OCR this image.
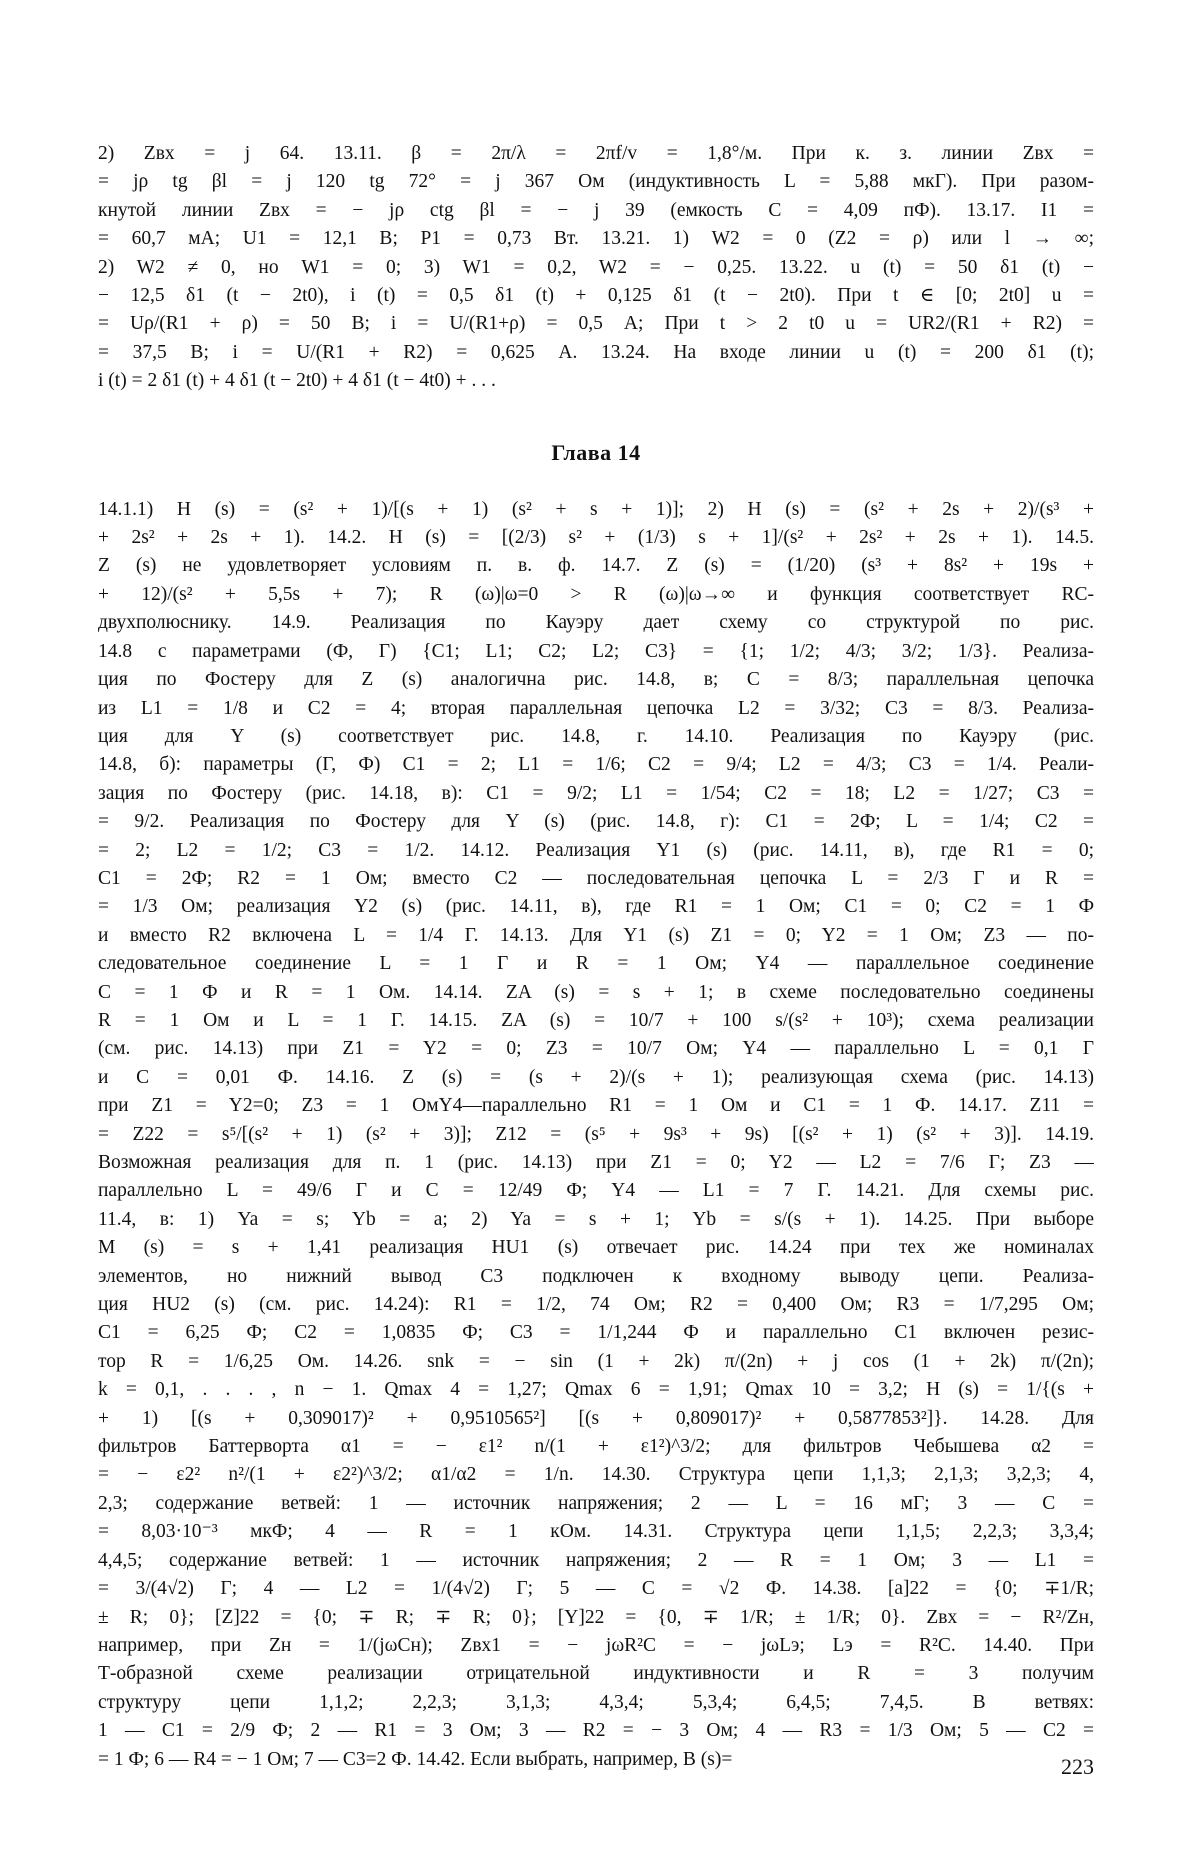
2) Zвх = j 64. 13.11. β = 2π/λ = 2πf/v = 1,8°/м. При к. з. линии Zвх =

= jρ tg βl = j 120 tg 72° = j 367 Ом (индуктивность L = 5,88 мкГ). При разом-

кнутой линии Zвх = − jρ ctg βl = − j 39 (емкость C = 4,09 пФ). 13.17. I1 =

= 60,7 мА; U1 = 12,1 В; P1 = 0,73 Вт. 13.21. 1) W2 = 0 (Z2 = ρ) или l → ∞;

2) W2 ≠ 0, но W1 = 0; 3) W1 = 0,2, W2 = − 0,25. 13.22. u (t) = 50 δ1 (t) −

− 12,5 δ1 (t − 2t0), i (t) = 0,5 δ1 (t) + 0,125 δ1 (t − 2t0). При t ∈ [0; 2t0] u =

= Uρ/(R1 + ρ) = 50 В; i = U/(R1+ρ) = 0,5 А; При t > 2 t0 u = UR2/(R1 + R2) =

= 37,5 В; i = U/(R1 + R2) = 0,625 А. 13.24. На входе линии u (t) = 200 δ1 (t);

i (t) = 2 δ1 (t) + 4 δ1 (t − 2t0) + 4 δ1 (t − 4t0) + . . .

Глава 14

14.1.1) H (s) = (s² + 1)/[(s + 1) (s² + s + 1)]; 2) H (s) = (s² + 2s + 2)/(s³ +

+ 2s² + 2s + 1). 14.2. H (s) = [(2/3) s² + (1/3) s + 1]/(s² + 2s² + 2s + 1). 14.5.

Z (s) не удовлетворяет условиям п. в. ф. 14.7. Z (s) = (1/20) (s³ + 8s² + 19s +

+ 12)/(s² + 5,5s + 7); R (ω)|ω=0 > R (ω)|ω→∞ и функция соответствует RC-

двухполюснику. 14.9. Реализация по Кауэру дает схему со структурой по рис.

14.8 с параметрами (Ф, Г) {C1; L1; C2; L2; C3} = {1; 1/2; 4/3; 3/2; 1/3}. Реализа-

ция по Фостеру для Z (s) аналогична рис. 14.8, в; C = 8/3; параллельная цепочка

из L1 = 1/8 и C2 = 4; вторая параллельная цепочка L2 = 3/32; C3 = 8/3. Реализа-

ция для Y (s) соответствует рис. 14.8, г. 14.10. Реализация по Кауэру (рис.

14.8, б): параметры (Г, Ф) C1 = 2; L1 = 1/6; C2 = 9/4; L2 = 4/3; C3 = 1/4. Реали-

зация по Фостеру (рис. 14.18, в): C1 = 9/2; L1 = 1/54; C2 = 18; L2 = 1/27; C3 =

= 9/2. Реализация по Фостеру для Y (s) (рис. 14.8, г): C1 = 2Ф; L = 1/4; C2 =

= 2; L2 = 1/2; C3 = 1/2. 14.12. Реализация Y1 (s) (рис. 14.11, в), где R1 = 0;

C1 = 2Ф; R2 = 1 Ом; вместо C2 — последовательная цепочка L = 2/3 Г и R =

= 1/3 Ом; реализация Y2 (s) (рис. 14.11, в), где R1 = 1 Ом; C1 = 0; C2 = 1 Ф

и вместо R2 включена L = 1/4 Г. 14.13. Для Y1 (s) Z1 = 0; Y2 = 1 Ом; Z3 — по-

следовательное соединение L = 1 Г и R = 1 Ом; Y4 — параллельное соединение

C = 1 Ф и R = 1 Ом. 14.14. ZA (s) = s + 1; в схеме последовательно соединены

R = 1 Ом и L = 1 Г. 14.15. ZA (s) = 10/7 + 100 s/(s² + 10³); схема реализации

(см. рис. 14.13) при Z1 = Y2 = 0; Z3 = 10/7 Ом; Y4 — параллельно L = 0,1 Г

и C = 0,01 Ф. 14.16. Z (s) = (s + 2)/(s + 1); реализующая схема (рис. 14.13)

при Z1 = Y2=0; Z3 = 1 ОмY4—параллельно R1 = 1 Ом и C1 = 1 Ф. 14.17. Z11 =

= Z22 = s⁵/[(s² + 1) (s² + 3)]; Z12 = (s⁵ + 9s³ + 9s) [(s² + 1) (s² + 3)]. 14.19.

Возможная реализация для п. 1 (рис. 14.13) при Z1 = 0; Y2 — L2 = 7/6 Г; Z3 —

параллельно L = 49/6 Г и C = 12/49 Ф; Y4 — L1 = 7 Г. 14.21. Для схемы рис.

11.4, в: 1) Ya = s; Yb = a; 2) Ya = s + 1; Yb = s/(s + 1). 14.25. При выборе

M (s) = s + 1,41 реализация HU1 (s) отвечает рис. 14.24 при тех же номиналах

элементов, но нижний вывод C3 подключен к входному выводу цепи. Реализа-

ция HU2 (s) (см. рис. 14.24): R1 = 1/2, 74 Ом; R2 = 0,400 Ом; R3 = 1/7,295 Ом;

C1 = 6,25 Ф; C2 = 1,0835 Ф; C3 = 1/1,244 Ф и параллельно C1 включен резис-

тор R = 1/6,25 Ом. 14.26. snk = − sin (1 + 2k) π/(2n) + j cos (1 + 2k) π/(2n);

k = 0,1, . . . , n − 1. Qmax 4 = 1,27; Qmax 6 = 1,91; Qmax 10 = 3,2; H (s) = 1/{(s +

+ 1) [(s + 0,309017)² + 0,9510565²] [(s + 0,809017)² + 0,5877853²]}. 14.28. Для

фильтров Баттерворта α1 = − ε1² n/(1 + ε1²)^3/2; для фильтров Чебышева α2 =

= − ε2² n²/(1 + ε2²)^3/2; α1/α2 = 1/n. 14.30. Структура цепи 1,1,3; 2,1,3; 3,2,3; 4,

2,3; содержание ветвей: 1 — источник напряжения; 2 — L = 16 мГ; 3 — C =

= 8,03·10⁻³ мкФ; 4 — R = 1 кОм. 14.31. Структура цепи 1,1,5; 2,2,3; 3,3,4;

4,4,5; содержание ветвей: 1 — источник напряжения; 2 — R = 1 Ом; 3 — L1 =

= 3/(4√2) Г; 4 — L2 = 1/(4√2) Г; 5 — C = √2 Ф. 14.38. [a]22 = {0; ∓1/R;

± R; 0}; [Z]22 = {0; ∓ R; ∓ R; 0}; [Y]22 = {0, ∓ 1/R; ± 1/R; 0}. Zвх = − R²/Zн,

например, при Zн = 1/(jωCн); Zвх1 = − jωR²C = − jωLэ; Lэ = R²C. 14.40. При

Т-образной схеме реализации отрицательной индуктивности и R = 3 получим

структуру цепи 1,1,2; 2,2,3; 3,1,3; 4,3,4; 5,3,4; 6,4,5; 7,4,5. В ветвях:

1 — C1 = 2/9 Ф; 2 — R1 = 3 Ом; 3 — R2 = − 3 Ом; 4 — R3 = 1/3 Ом; 5 — C2 =

= 1 Ф; 6 — R4 = − 1 Ом; 7 — C3=2 Ф. 14.42. Если выбрать, например, B (s)=	223
